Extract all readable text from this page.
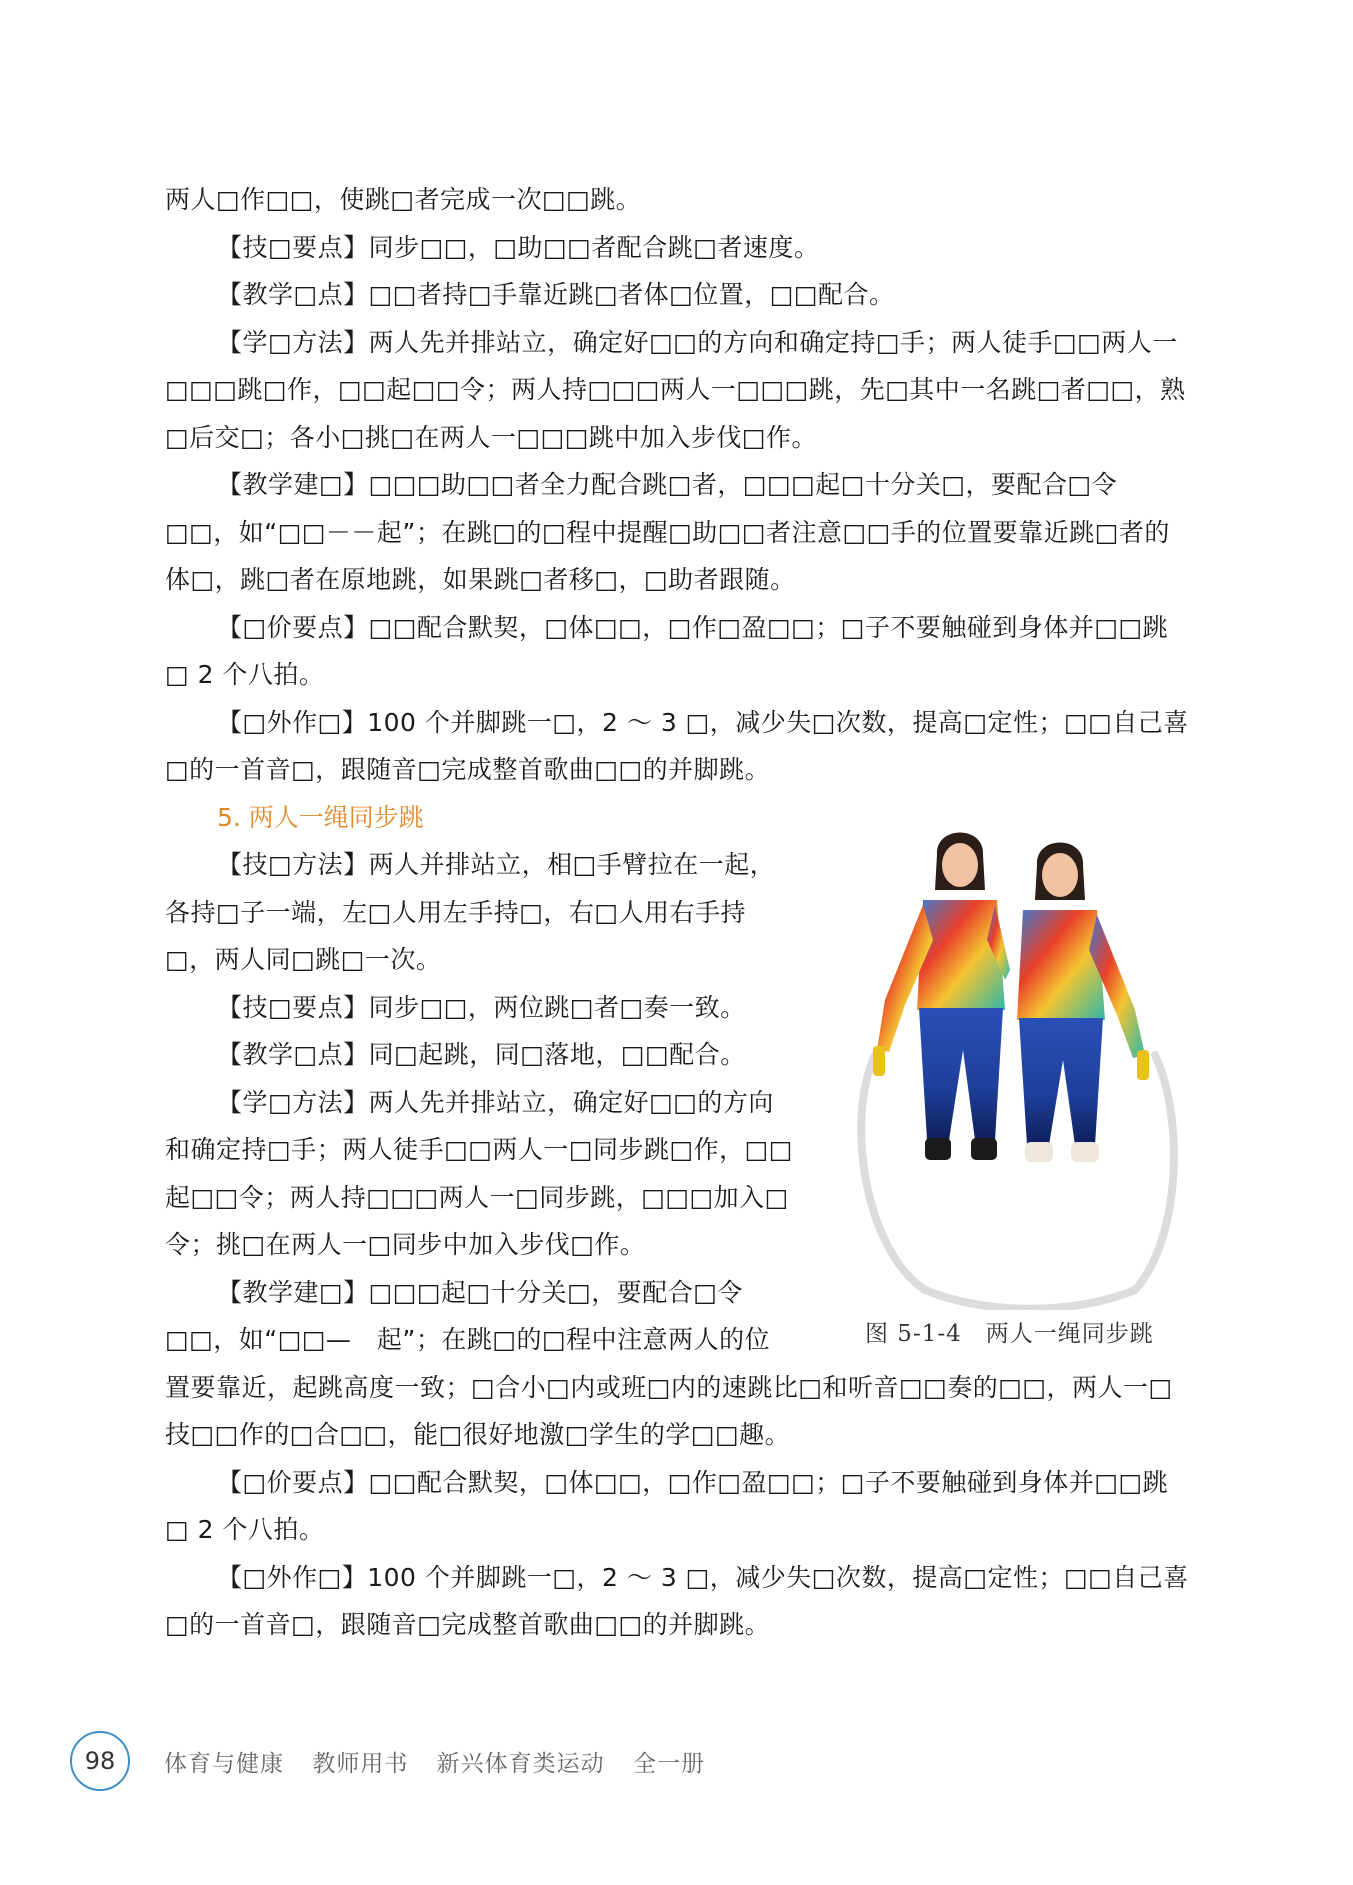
两人□作□□，使跳□者完成一次□□跳。

【技□要点】同步□□，□助□□者配合跳□者速度。

【教学□点】□□者持□手靠近跳□者体□位置，□□配合。

【学□方法】两人先并排站立，确定好□□的方向和确定持□手；两人徒手□□两人一□□□跳□作，□□起□□令；两人持□□□两人一□□□跳，先□其中一名跳□者□□，熟□后交□；各小□挑□在两人一□□□跳中加入步伐□作。

【教学建□】□□□助□□者全力配合跳□者，□□□起□十分关□，要配合□令□□，如“□□－－起”；在跳□的□程中提醒□助□□者注意□□手的位置要靠近跳□者的体□，跳□者在原地跳，如果跳□者移□，□助者跟随。

【□价要点】□□配合默契，□体□□，□作□盈□□；□子不要触碰到身体并□□跳□ 2 个八拍。

【□外作□】100 个并脚跳一□，2 ～ 3 □，减少失□次数，提高□定性；□□自己喜□的一首音□，跟随音□完成整首歌曲□□的并脚跳。

5. 两人一绳同步跳

【技□方法】两人并排站立，相□手臂拉在一起，各持□子一端，左□人用左手持□，右□人用右手持□，两人同□跳□一次。

【技□要点】同步□□，两位跳□者□奏一致。

【教学□点】同□起跳，同□落地，□□配合。

【学□方法】两人先并排站立，确定好□□的方向和确定持□手；两人徒手□□两人一□同步跳□作，□□起□□令；两人持□□□两人一□同步跳，□□□加入□令；挑□在两人一□同步中加入步伐□作。

【教学建□】□□□起□十分关□，要配合□令□□，如“□□—　起”；在跳□的□程中注意两人的位

置要靠近，起跳高度一致；□合小□内或班□内的速跳比□和听音□□奏的□□，两人一□技□□作的□合□□，能□很好地激□学生的学□□趣。

【□价要点】□□配合默契，□体□□，□作□盈□□；□子不要触碰到身体并□□跳□ 2 个八拍。

【□外作□】100 个并脚跳一□，2 ～ 3 □，减少失□次数，提高□定性；□□自己喜□的一首音□，跟随音□完成整首歌曲□□的并脚跳。

图 5-1-4　两人一绳同步跳
98	体育与健康 教师用书 新兴体育类运动 全一册
